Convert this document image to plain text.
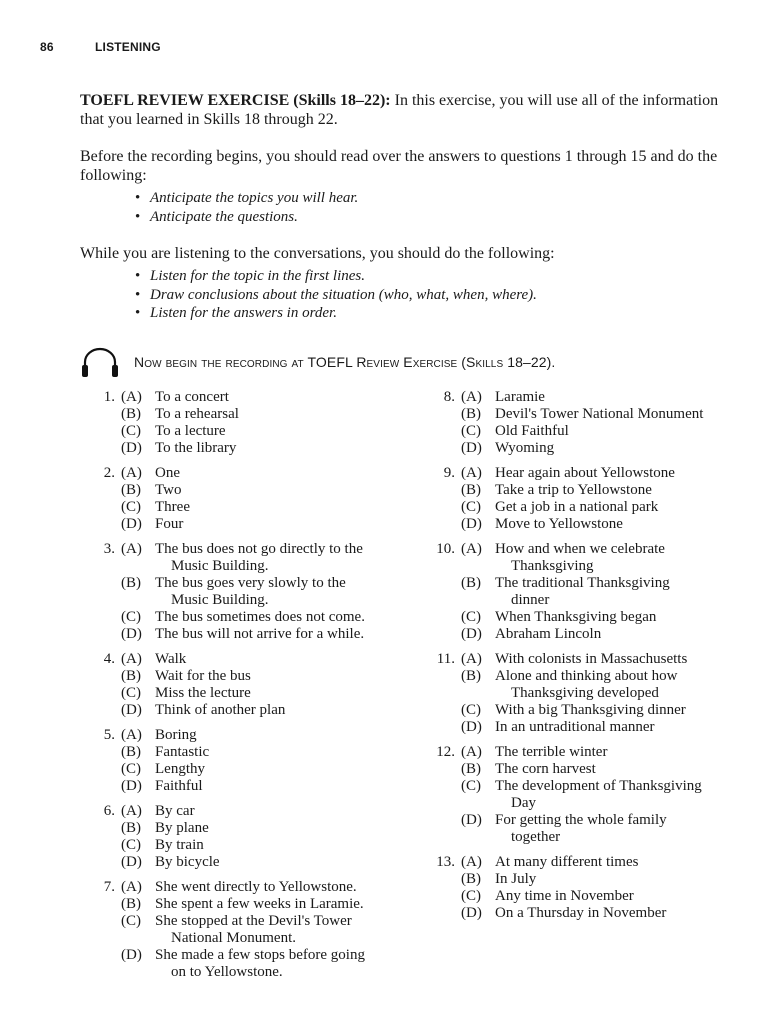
86	LISTENING

TOEFL REVIEW EXERCISE (Skills 18–22): In this exercise, you will use all of the information that you learned in Skills 18 through 22.

Before the recording begins, you should read over the answers to questions 1 through 15 and do the following:

• Anticipate the topics you will hear.
• Anticipate the questions.

While you are listening to the conversations, you should do the following:

• Listen for the topic in the first lines.
• Draw conclusions about the situation (who, what, when, where).
• Listen for the answers in order.
Now begin the recording at TOEFL Review Exercise (Skills 18–22).
1. (A) To a concert
(B) To a rehearsal
(C) To a lecture
(D) To the library
2. (A) One
(B) Two
(C) Three
(D) Four
3. (A) The bus does not go directly to the
Music Building.
(B) The bus goes very slowly to the
Music Building.
(C) The bus sometimes does not come.
(D) The bus will not arrive for a while.
4. (A) Walk
(B) Wait for the bus
(C) Miss the lecture
(D) Think of another plan
5. (A) Boring
(B) Fantastic
(C) Lengthy
(D) Faithful
6. (A) By car
(B) By plane
(C) By train
(D) By bicycle
7. (A) She went directly to Yellowstone.
(B) She spent a few weeks in Laramie.
(C) She stopped at the Devil's Tower
National Monument.
(D) She made a few stops before going
on to Yellowstone.
8. (A) Laramie
(B) Devil's Tower National Monument
(C) Old Faithful
(D) Wyoming
9. (A) Hear again about Yellowstone
(B) Take a trip to Yellowstone
(C) Get a job in a national park
(D) Move to Yellowstone
10. (A) How and when we celebrate
Thanksgiving
(B) The traditional Thanksgiving
dinner
(C) When Thanksgiving began
(D) Abraham Lincoln
11. (A) With colonists in Massachusetts
(B) Alone and thinking about how
Thanksgiving developed
(C) With a big Thanksgiving dinner
(D) In an untraditional manner
12. (A) The terrible winter
(B) The corn harvest
(C) The development of Thanksgiving
Day
(D) For getting the whole family
together
13. (A) At many different times
(B) In July
(C) Any time in November
(D) On a Thursday in November
